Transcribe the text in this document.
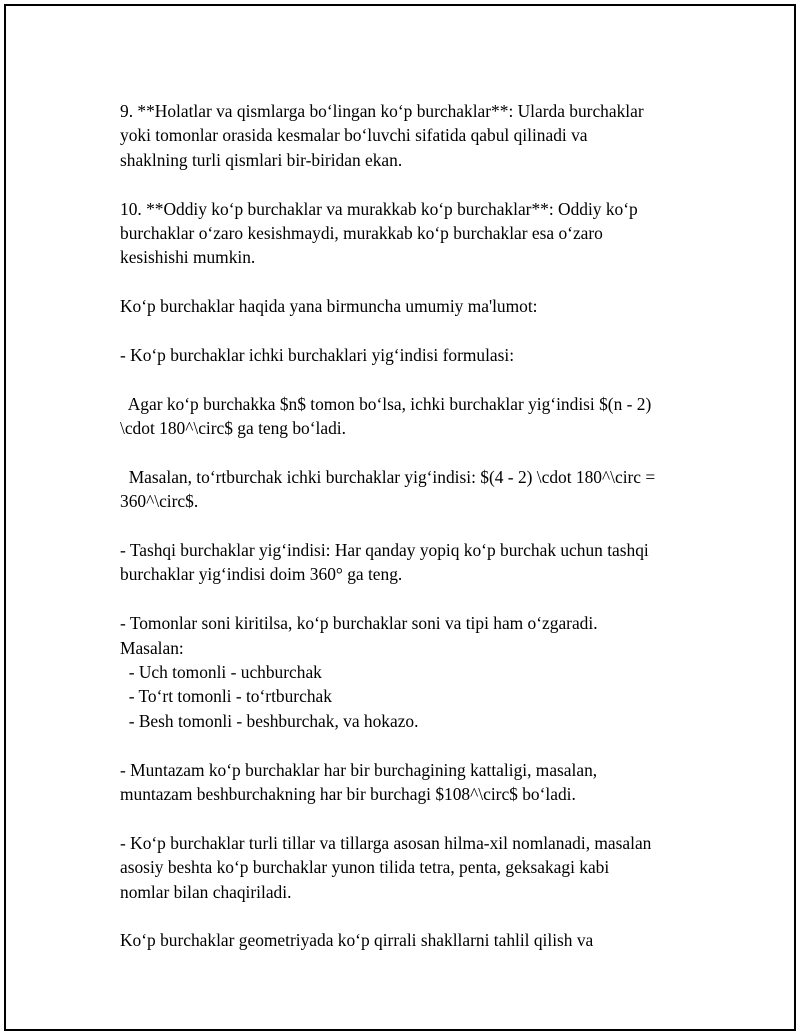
9. **Holatlar va qismlarga bo‘lingan ko‘p burchaklar**: Ularda burchaklar
yoki tomonlar orasida kesmalar bo‘luvchi sifatida qabul qilinadi va
shaklning turli qismlari bir-biridan ekan.
10. **Oddiy ko‘p burchaklar va murakkab ko‘p burchaklar**: Oddiy ko‘p
burchaklar o‘zaro kesishmaydi, murakkab ko‘p burchaklar esa o‘zaro
kesishishi mumkin.
Ko‘p burchaklar haqida yana birmuncha umumiy ma'lumot:
- Ko‘p burchaklar ichki burchaklari yig‘indisi formulasi:
Agar ko‘p burchakka $n$ tomon bo‘lsa, ichki burchaklar yig‘indisi $(n - 2)
\cdot 180^\circ$ ga teng bo‘ladi.
Masalan, to‘rtburchak ichki burchaklar yig‘indisi: $(4 - 2) \cdot 180^\circ =
360^\circ$.
- Tashqi burchaklar yig‘indisi: Har qanday yopiq ko‘p burchak uchun tashqi
burchaklar yig‘indisi doim 360° ga teng.
- Tomonlar soni kiritilsa, ko‘p burchaklar soni va tipi ham o‘zgaradi.
Masalan:
- Uch tomonli - uchburchak
- To‘rt tomonli - to‘rtburchak
- Besh tomonli - beshburchak, va hokazo.
- Muntazam ko‘p burchaklar har bir burchagining kattaligi, masalan,
muntazam beshburchakning har bir burchagi $108^\circ$ bo‘ladi.
- Ko‘p burchaklar turli tillar va tillarga asosan hilma-xil nomlanadi, masalan
asosiy beshta ko‘p burchaklar yunon tilida tetra, penta, geksakagi kabi
nomlar bilan chaqiriladi.
Ko‘p burchaklar geometriyada ko‘p qirrali shakllarni tahlil qilish va
